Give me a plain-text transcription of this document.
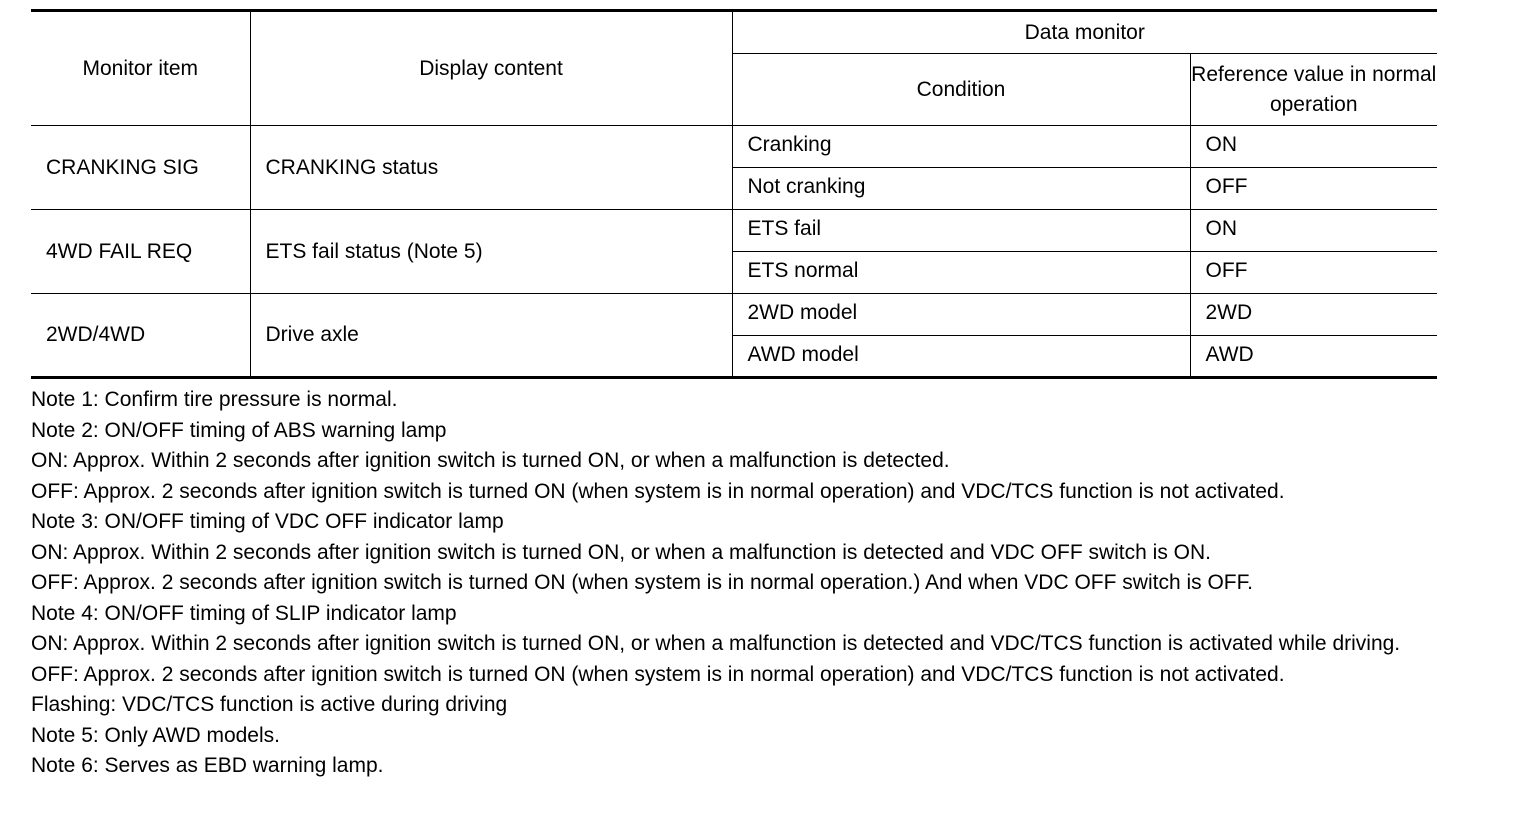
Monitor item	Display content	Data monitor	
		Condition	Reference value in normal operation
CRANKING SIG	CRANKING status	Cranking	ON
		Not cranking	OFF
4WD FAIL REQ	ETS fail status (Note 5)	ETS fail	ON
		ETS normal	OFF
2WD/4WD	Drive axle	2WD model	2WD
		AWD model	AWD
Note 1: Confirm tire pressure is normal.
Note 2: ON/OFF timing of ABS warning lamp
ON: Approx. Within 2 seconds after ignition switch is turned ON, or when a malfunction is detected.
OFF: Approx. 2 seconds after ignition switch is turned ON (when system is in normal operation) and VDC/TCS function is not activated.
Note 3: ON/OFF timing of VDC OFF indicator lamp
ON: Approx. Within 2 seconds after ignition switch is turned ON, or when a malfunction is detected and VDC OFF switch is ON.
OFF: Approx. 2 seconds after ignition switch is turned ON (when system is in normal operation.) And when VDC OFF switch is OFF.
Note 4: ON/OFF timing of SLIP indicator lamp
ON: Approx. Within 2 seconds after ignition switch is turned ON, or when a malfunction is detected and VDC/TCS function is activated while driving.
OFF: Approx. 2 seconds after ignition switch is turned ON (when system is in normal operation) and VDC/TCS function is not activated.
Flashing: VDC/TCS function is active during driving
Note 5: Only AWD models.
Note 6: Serves as EBD warning lamp.
